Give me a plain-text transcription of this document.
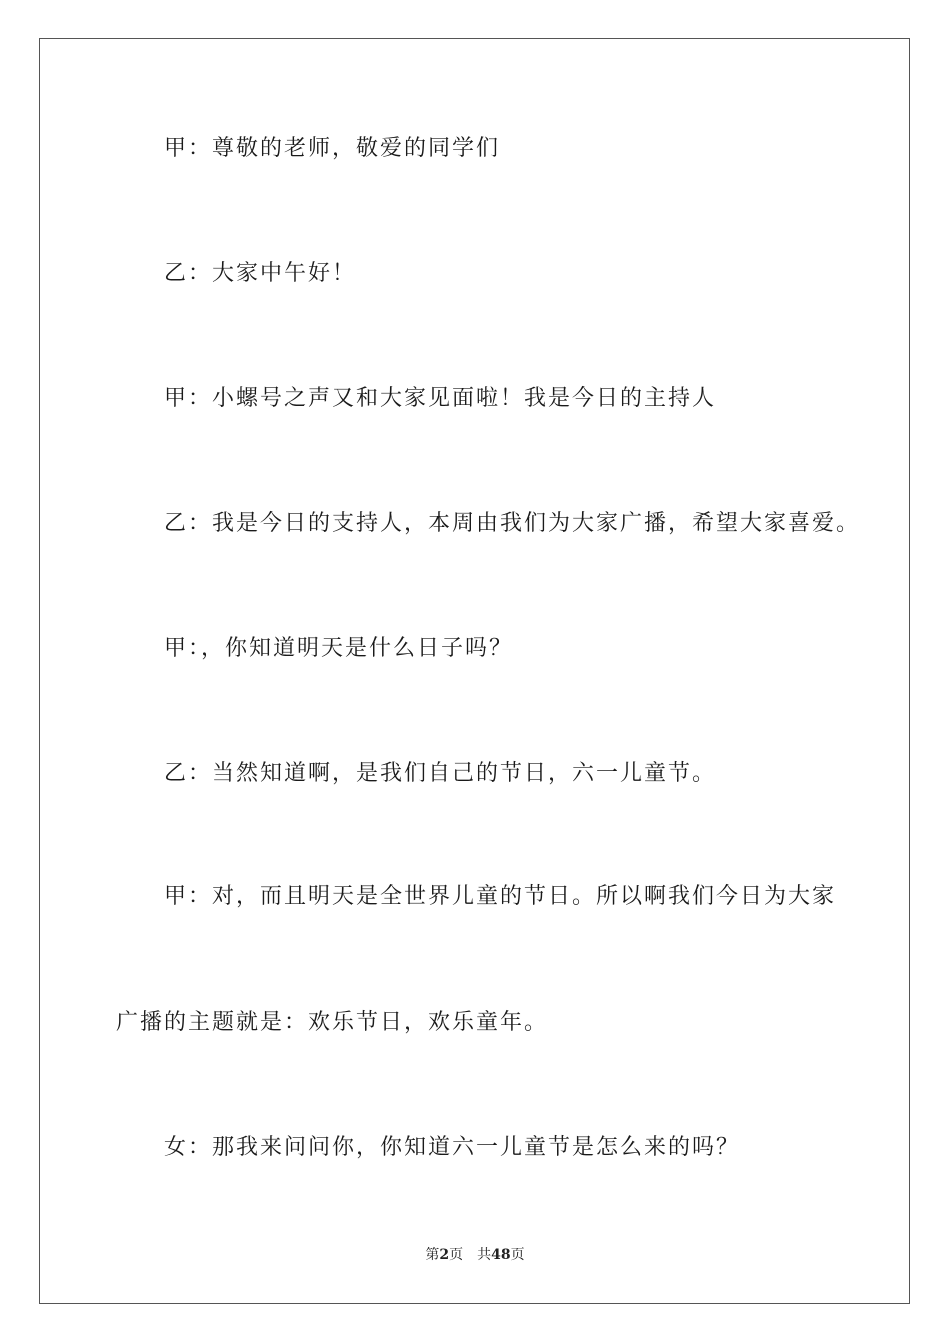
甲：尊敬的老师，敬爱的同学们
乙：大家中午好！
甲：小螺号之声又和大家见面啦！我是今日的主持人
乙：我是今日的支持人，本周由我们为大家广播，希望大家喜爱。
甲：，你知道明天是什么日子吗？
乙：当然知道啊，是我们自己的节日，六一儿童节。
甲：对，而且明天是全世界儿童的节日。所以啊我们今日为大家
广播的主题就是：欢乐节日，欢乐童年。
女：那我来问问你，你知道六一儿童节是怎么来的吗？
第2页 共48页
